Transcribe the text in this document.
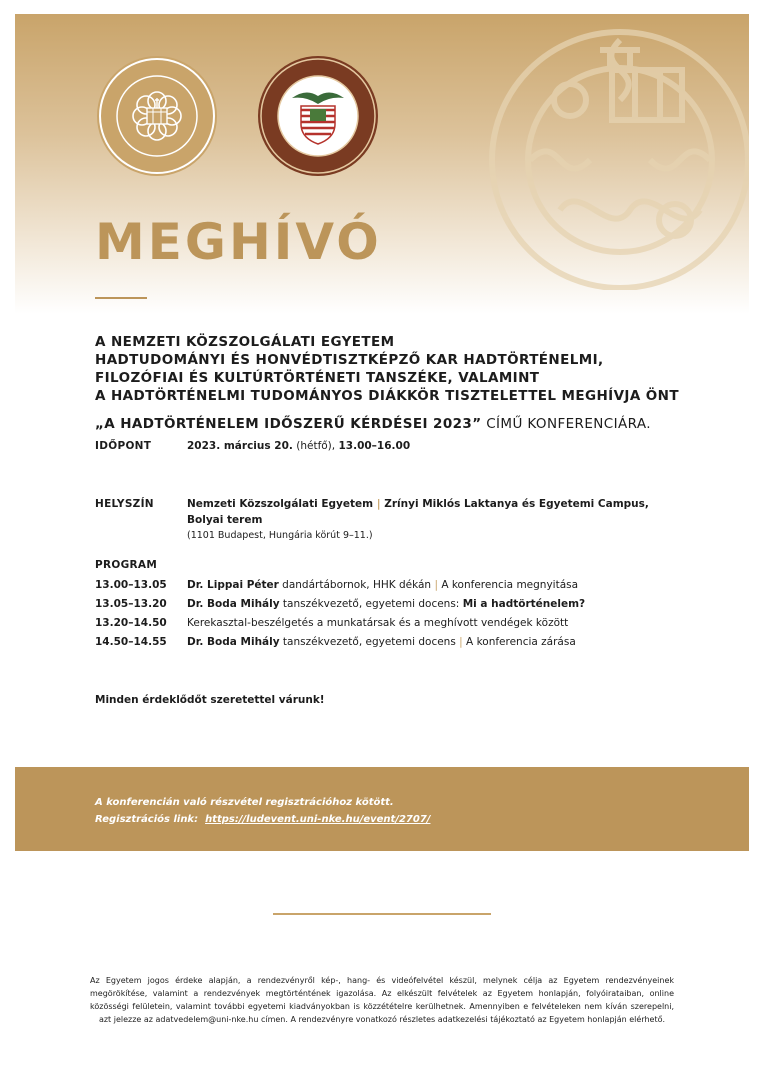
MEGHÍVÓ
A NEMZETI KÖZSZOLGÁLATI EGYETEM
HADTUDOMÁNYI ÉS HONVÉDTISZTKÉPZŐ KAR HADTÖRTÉNELMI,
FILOZÓFIAI ÉS KULTÚRTÖRTÉNETI TANSZÉKE, VALAMINT
A HADTÖRTÉNELMI TUDOMÁNYOS DIÁKKÖR TISZTELETTEL MEGHÍVJA ÖNT
„A HADTÖRTÉNELEM IDŐSZERŰ KÉRDÉSEI 2023” CÍMŰ KONFERENCIÁRA.
IDŐPONT	2023. március 20. (hétfő), 13.00–16.00
HELYSZÍN	Nemzeti Közszolgálati Egyetem | Zrínyi Miklós Laktanya és Egyetemi Campus,
Bolyai terem
(1101 Budapest, Hungária körút 9–11.)
PROGRAM
13.00–13.05 Dr. Lippai Péter dandártábornok, HHK dékán | A konferencia megnyitása
13.05–13.20 Dr. Boda Mihály tanszékvezető, egyetemi docens: Mi a hadtörténelem?
13.20–14.50 Kerekasztal-beszélgetés a munkatársak és a meghívott vendégek között
14.50–14.55 Dr. Boda Mihály tanszékvezető, egyetemi docens | A konferencia zárása
Minden érdeklődőt szeretettel várunk!
A konferencián való részvétel regisztrációhoz kötött.
Regisztrációs link: https://ludevent.uni-nke.hu/event/2707/
Az Egyetem jogos érdeke alapján, a rendezvényről kép-, hang- és videófelvétel készül, melynek célja az Egyetem rendezvényeinek megörökítése, valamint a rendezvények megtörténtének igazolása. Az elkészült felvételek az Egyetem honlapján, folyóirataiban, online közösségi felületein, valamint további egyetemi kiadványokban is közzétételre kerülhetnek. Amennyiben e felvételeken nem kíván szerepelni, azt jelezze az adatvedelem@uni-nke.hu címen. A rendezvényre vonatkozó részletes adatkezelési tájékoztató az Egyetem honlapján elérhető.
